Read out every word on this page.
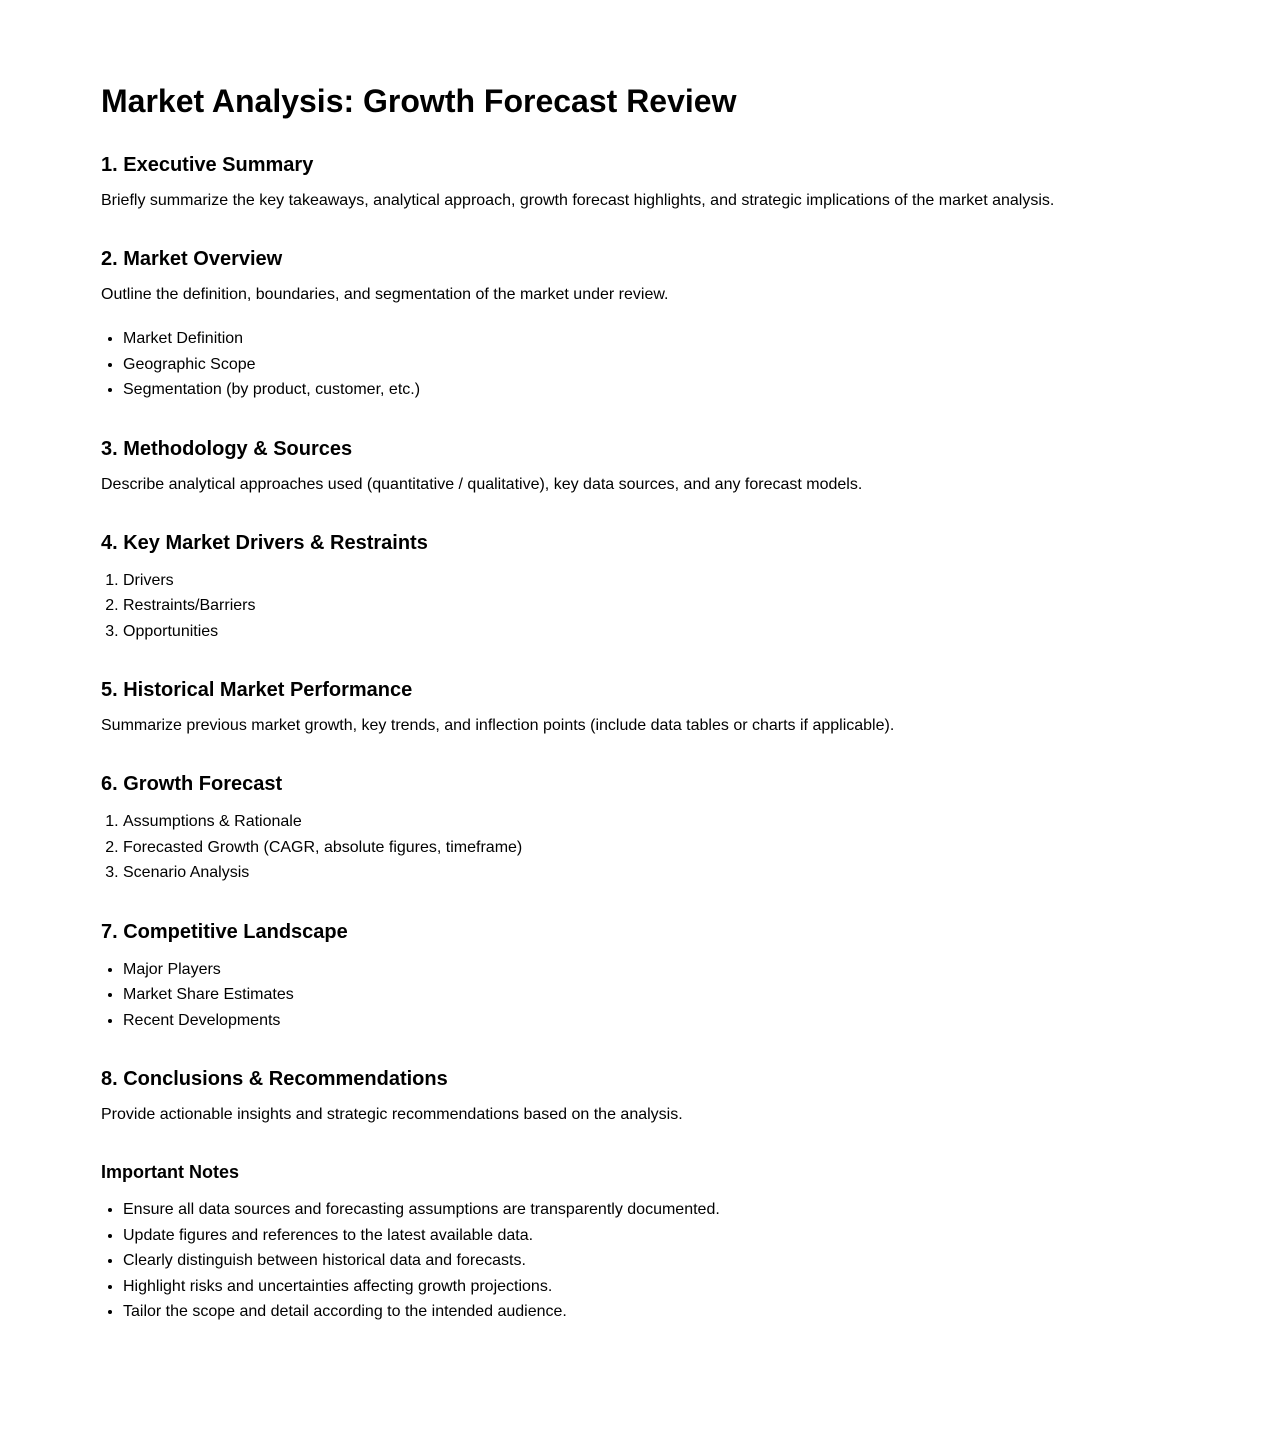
Market Analysis: Growth Forecast Review
1. Executive Summary

Briefly summarize the key takeaways, analytical approach, growth forecast highlights, and strategic implications of the market analysis.

2. Market Overview

Outline the definition, boundaries, and segmentation of the market under review.

• Market Definition
• Geographic Scope
• Segmentation (by product, customer, etc.)
3. Methodology & Sources

Describe analytical approaches used (quantitative / qualitative), key data sources, and any forecast models.

4. Key Market Drivers & Restraints
1. Drivers
2. Restraints/Barriers
3. Opportunities
5. Historical Market Performance

Summarize previous market growth, key trends, and inflection points (include data tables or charts if applicable).

6. Growth Forecast
1. Assumptions & Rationale
2. Forecasted Growth (CAGR, absolute figures, timeframe)
3. Scenario Analysis
7. Competitive Landscape
• Major Players
• Market Share Estimates
• Recent Developments
8. Conclusions & Recommendations

Provide actionable insights and strategic recommendations based on the analysis.

Important Notes
• Ensure all data sources and forecasting assumptions are transparently documented.
• Update figures and references to the latest available data.
• Clearly distinguish between historical data and forecasts.
• Highlight risks and uncertainties affecting growth projections.
• Tailor the scope and detail according to the intended audience.
